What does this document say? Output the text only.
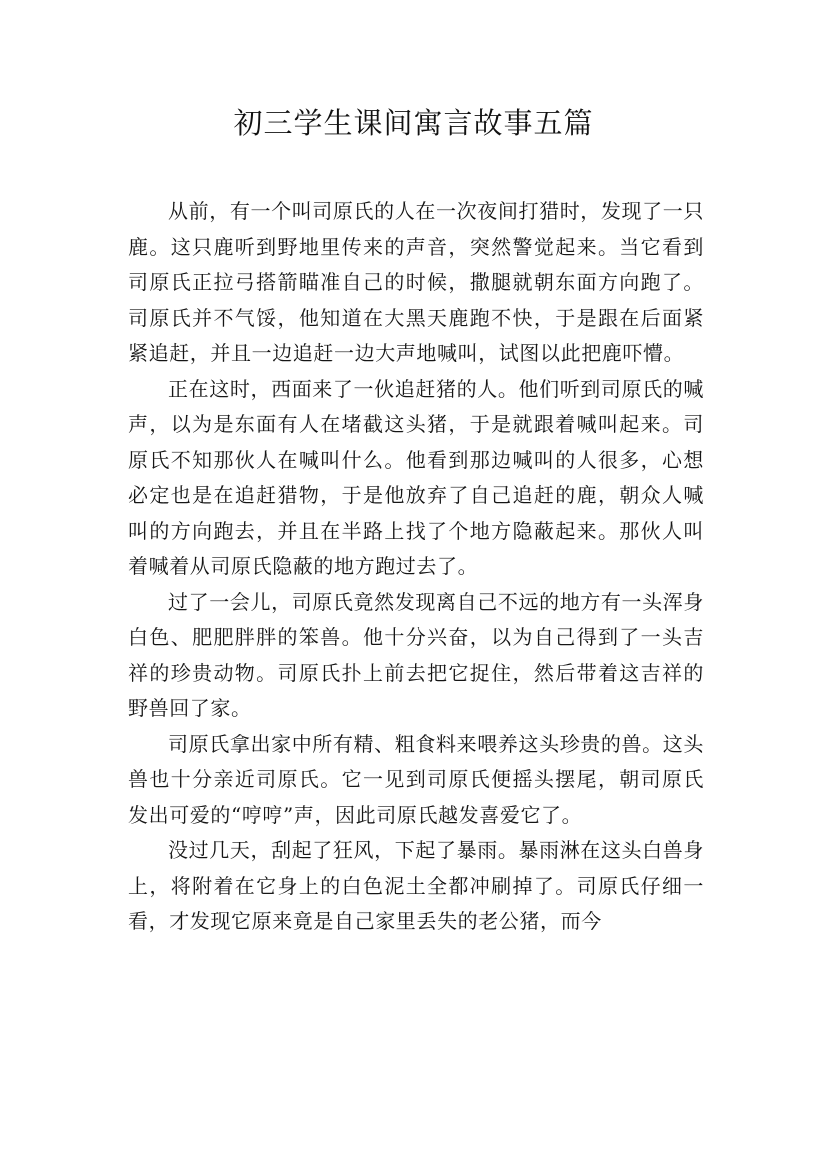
初三学生课间寓言故事五篇

从前，有一个叫司原氏的人在一次夜间打猎时，发现了一只鹿。这只鹿听到野地里传来的声音，突然警觉起来。当它看到司原氏正拉弓搭箭瞄准自己的时候，撒腿就朝东面方向跑了。司原氏并不气馁，他知道在大黑天鹿跑不快，于是跟在后面紧紧追赶，并且一边追赶一边大声地喊叫，试图以此把鹿吓懵。

正在这时，西面来了一伙追赶猪的人。他们听到司原氏的喊声，以为是东面有人在堵截这头猪，于是就跟着喊叫起来。司原氏不知那伙人在喊叫什么。他看到那边喊叫的人很多，心想必定也是在追赶猎物，于是他放弃了自己追赶的鹿，朝众人喊叫的方向跑去，并且在半路上找了个地方隐蔽起来。那伙人叫着喊着从司原氏隐蔽的地方跑过去了。

过了一会儿，司原氏竟然发现离自己不远的地方有一头浑身白色、肥肥胖胖的笨兽。他十分兴奋，以为自己得到了一头吉祥的珍贵动物。司原氏扑上前去把它捉住，然后带着这吉祥的野兽回了家。

司原氏拿出家中所有精、粗食料来喂养这头珍贵的兽。这头兽也十分亲近司原氏。它一见到司原氏便摇头摆尾，朝司原氏发出可爱的“哼哼”声，因此司原氏越发喜爱它了。

没过几天，刮起了狂风，下起了暴雨。暴雨淋在这头白兽身上，将附着在它身上的白色泥土全都冲刷掉了。司原氏仔细一看，才发现它原来竟是自己家里丢失的老公猪，而今
